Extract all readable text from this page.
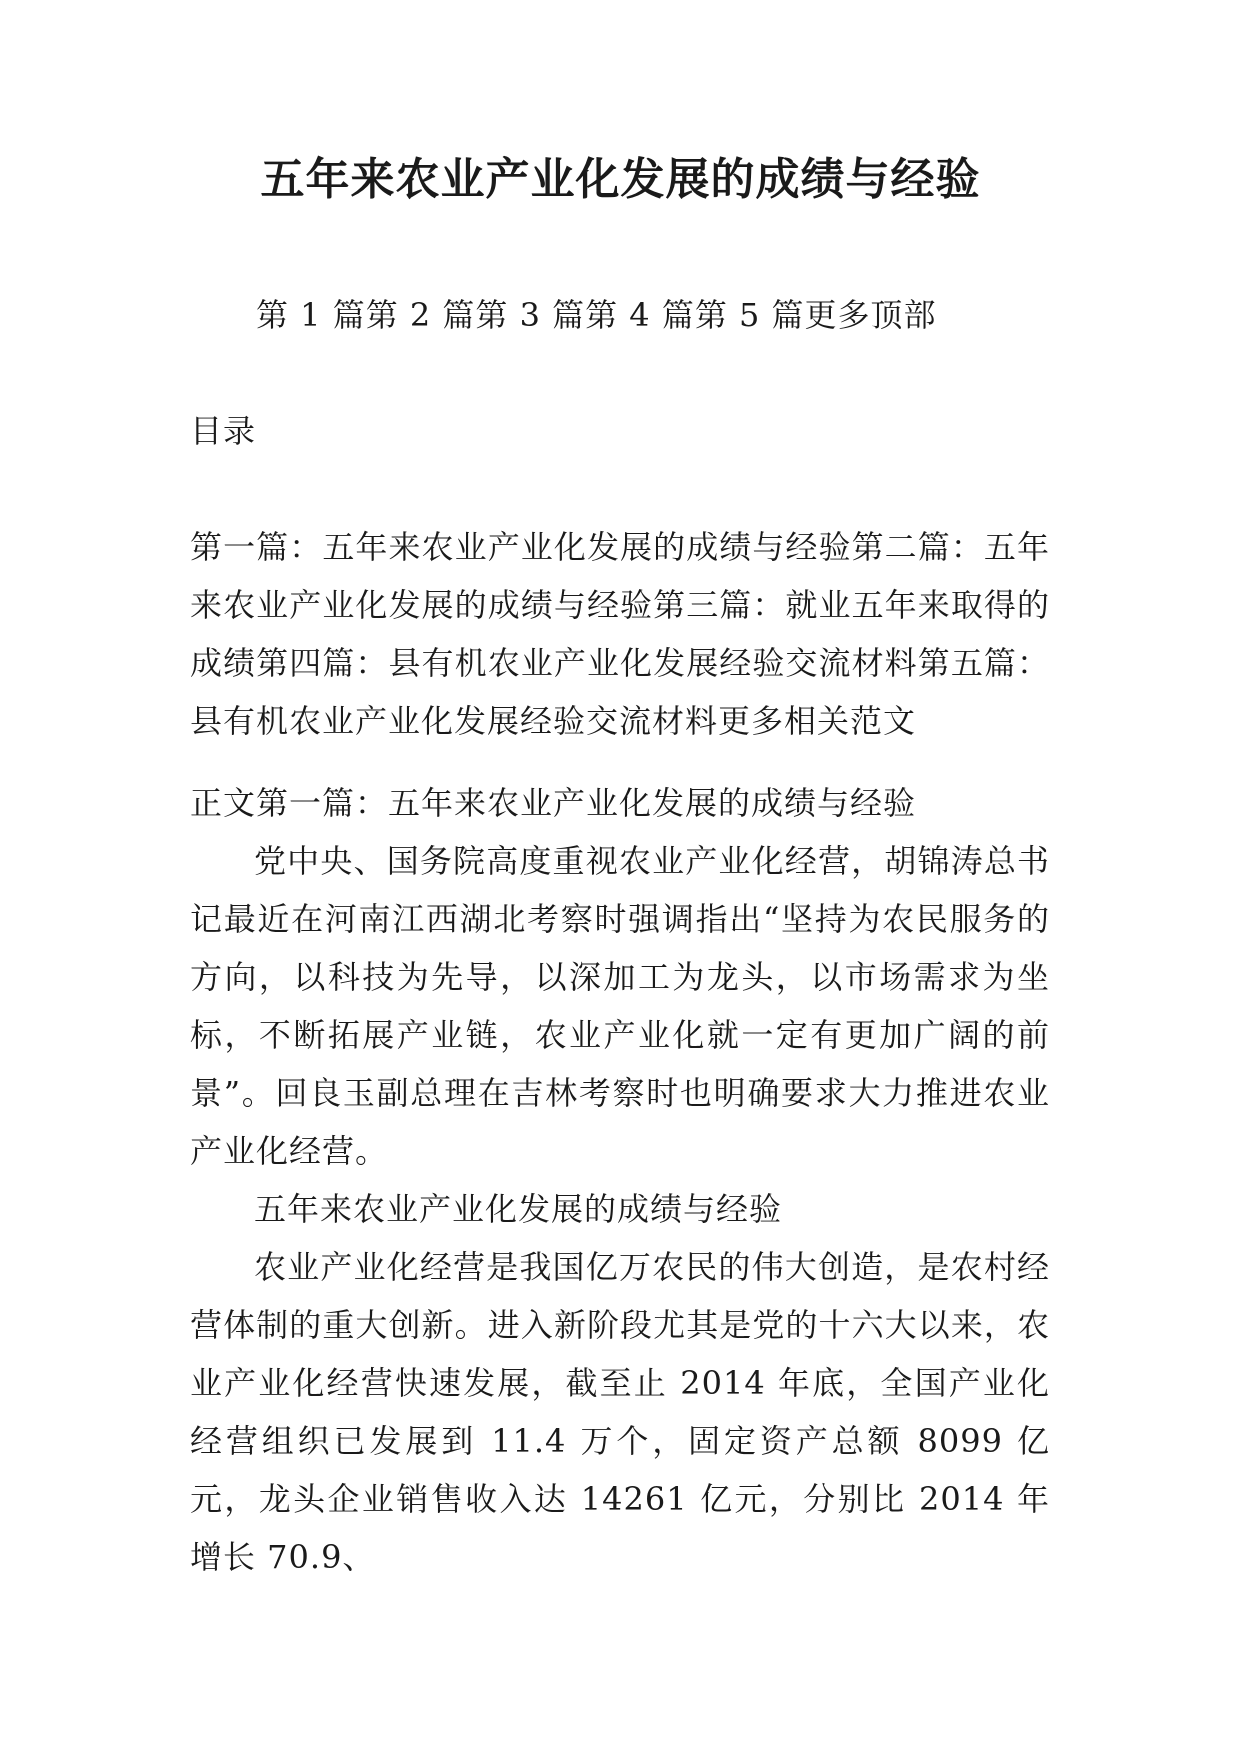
五年来农业产业化发展的成绩与经验

第 1 篇第 2 篇第 3 篇第 4 篇第 5 篇更多顶部

目录

第一篇：五年来农业产业化发展的成绩与经验第二篇：五年来农业产业化发展的成绩与经验第三篇：就业五年来取得的成绩第四篇：县有机农业产业化发展经验交流材料第五篇：县有机农业产业化发展经验交流材料更多相关范文

正文第一篇：五年来农业产业化发展的成绩与经验

党中央、国务院高度重视农业产业化经营，胡锦涛总书记最近在河南江西湖北考察时强调指出“坚持为农民服务的方向，以科技为先导，以深加工为龙头，以市场需求为坐标，不断拓展产业链，农业产业化就一定有更加广阔的前景”。回良玉副总理在吉林考察时也明确要求大力推进农业产业化经营。

五年来农业产业化发展的成绩与经验

农业产业化经营是我国亿万农民的伟大创造，是农村经营体制的重大创新。进入新阶段尤其是党的十六大以来，农业产业化经营快速发展，截至止 2014 年底，全国产业化经营组织已发展到 11.4 万个，固定资产总额 8099 亿元，龙头企业销售收入达 14261 亿元，分别比 2014 年增长 70.9、
